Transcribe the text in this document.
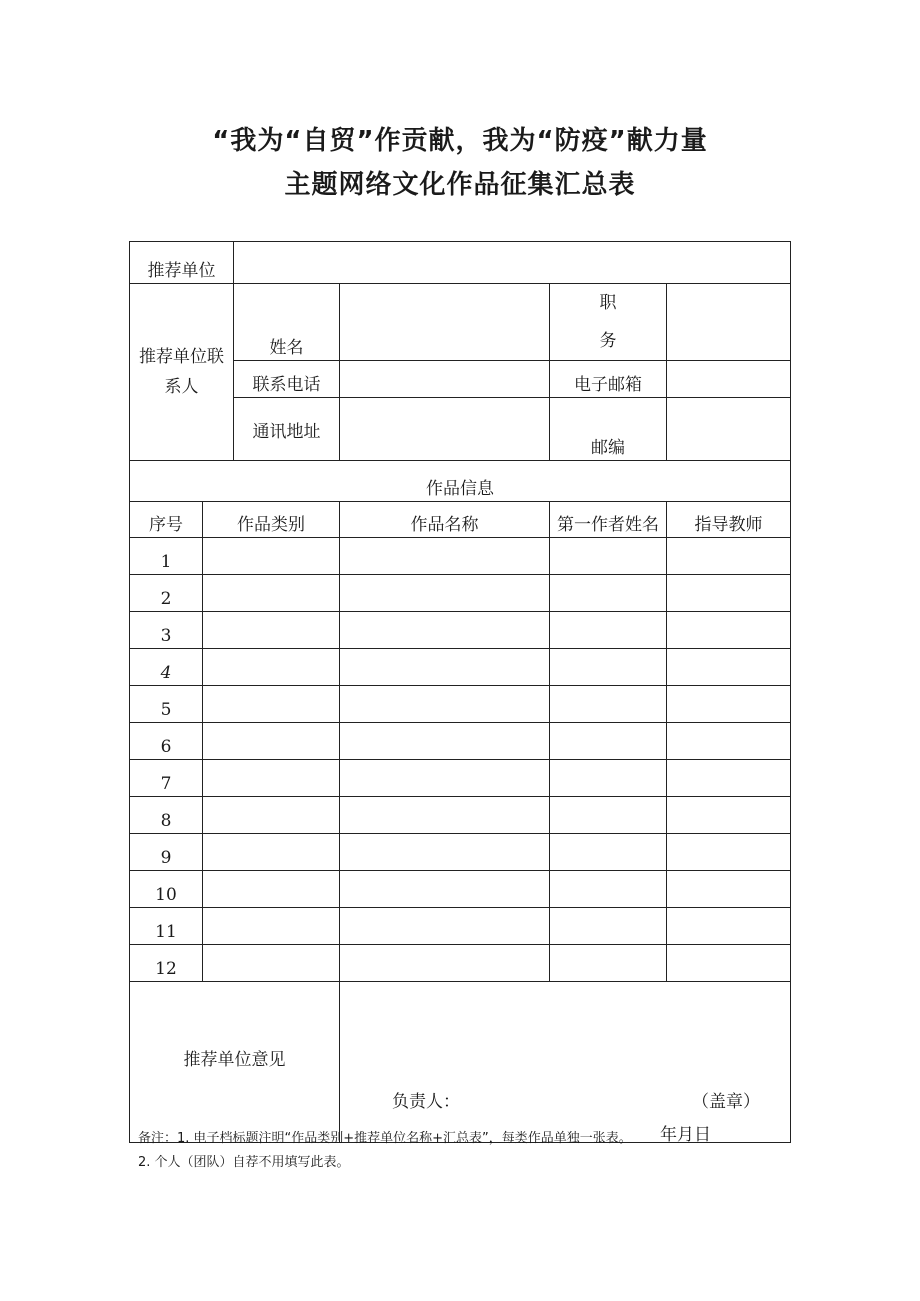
“我为“自贸”作贡献，我为“防疫”献力量
主题网络文化作品征集汇总表
推荐单位					

推荐单位联系人		姓名		职
务	

		联系电话		电子邮箱	
		通讯地址		邮编	
作品信息					
序号	作品类别		作品名称	第一作者姓名	指导教师
1					
2					
3					
4					
5					
6					
7					
8					
9					
10					
11					
12					
推荐单位意见			负责人： （盖章）
年月日		
备注：1. 电子档标题注明“作品类别+推荐单位名称+汇总表”，每类作品单独一张表。
2. 个人（团队）自荐不用填写此表。
